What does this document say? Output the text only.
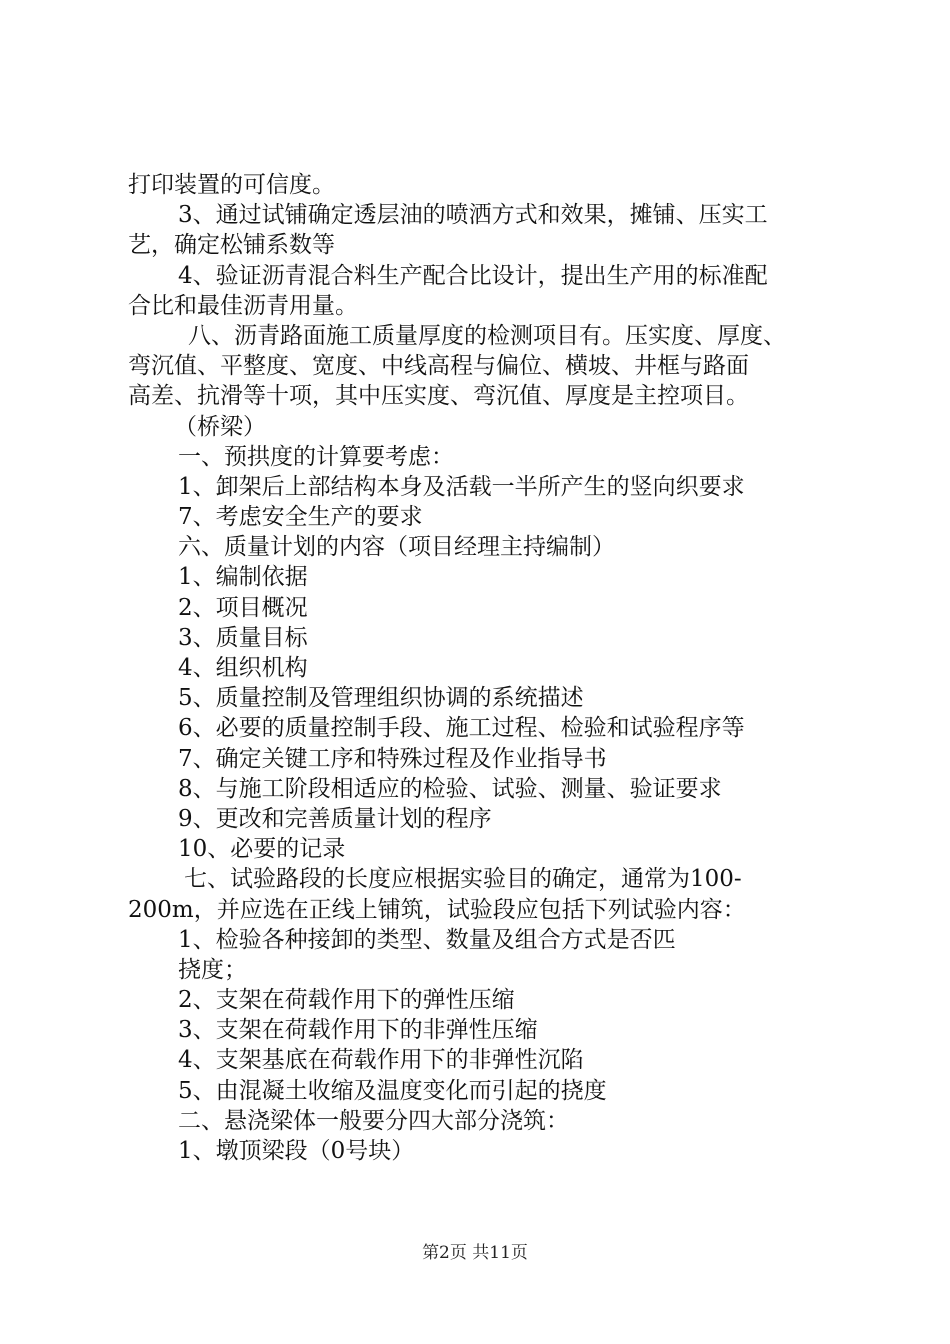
打印装置的可信度。
3、通过试铺确定透层油的喷洒方式和效果，摊铺、压实工
艺，确定松铺系数等
4、验证沥青混合料生产配合比设计，提出生产用的标准配
合比和最佳沥青用量。
八、沥青路面施工质量厚度的检测项目有。压实度、厚度、
弯沉值、平整度、宽度、中线高程与偏位、横坡、井框与路面
高差、抗滑等十项，其中压实度、弯沉值、厚度是主控项目。
（桥梁）
一、预拱度的计算要考虑：
1、卸架后上部结构本身及活载一半所产生的竖向织要求
7、考虑安全生产的要求
六、质量计划的内容（项目经理主持编制）
1、编制依据
2、项目概况
3、质量目标
4、组织机构
5、质量控制及管理组织协调的系统描述
6、必要的质量控制手段、施工过程、检验和试验程序等
7、确定关键工序和特殊过程及作业指导书
8、与施工阶段相适应的检验、试验、测量、验证要求
9、更改和完善质量计划的程序
10、必要的记录
七、试验路段的长度应根据实验目的确定，通常为100-
200m，并应选在正线上铺筑，试验段应包括下列试验内容：
1、检验各种接卸的类型、数量及组合方式是否匹
挠度；
2、支架在荷载作用下的弹性压缩
3、支架在荷载作用下的非弹性压缩
4、支架基底在荷载作用下的非弹性沉陷
5、由混凝土收缩及温度变化而引起的挠度
二、悬浇梁体一般要分四大部分浇筑：
1、墩顶梁段（0号块）
第2页 共11页
